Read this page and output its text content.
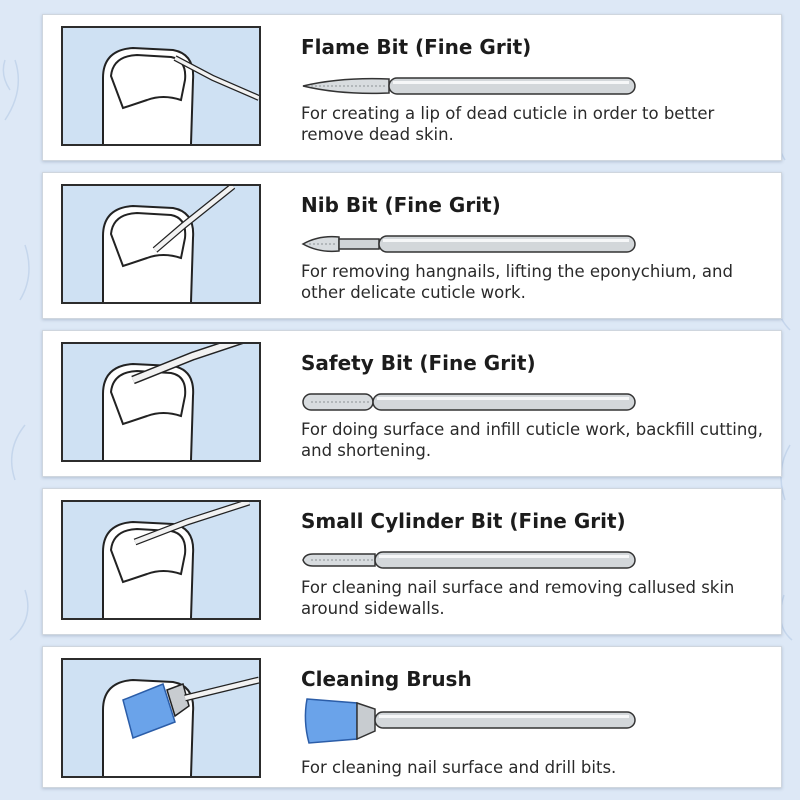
Flame Bit (Fine Grit)
For creating a lip of dead cuticle in order to better remove dead skin.
Nib Bit (Fine Grit)
For removing hangnails, lifting the eponychium, and other delicate cuticle work.
Safety Bit (Fine Grit)
For doing surface and infill cuticle work, backfill cutting, and shortening.
Small Cylinder Bit (Fine Grit)
For cleaning nail surface and removing callused skin around sidewalls.
Cleaning Brush
For cleaning nail surface and drill bits.
